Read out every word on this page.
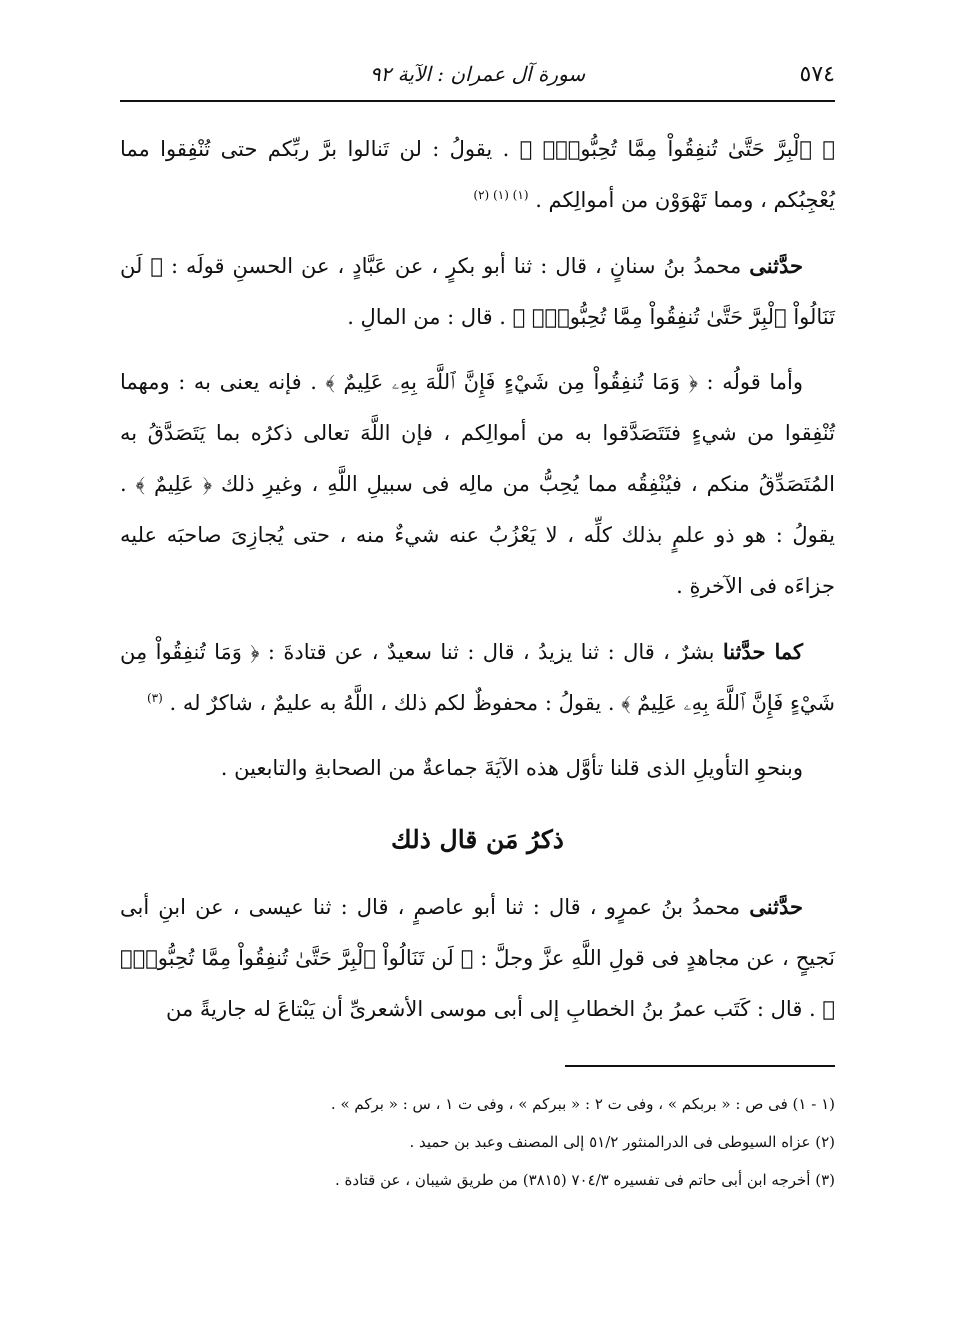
٥٧٤
سورة آل عمران : الآية ٩٢

﴿ ٱلْبِرَّ حَتَّىٰ تُنفِقُواْ مِمَّا تُحِبُّونَۚ ﴾ . يقولُ : لن تَنالوا برَّ ربِّكم حتى تُنْفِقوا مما يُعْجِبُكم ، ومما تَهْوَوْن من أموالِكم . $^{(١) (١) (٢)}$

حدَّثنى محمدُ بنُ سنانٍ ، قال : ثنا أبو بكرٍ ، عن عَبَّادٍ ، عن الحسنِ قولَه : ﴿ لَن تَنَالُواْ ٱلْبِرَّ حَتَّىٰ تُنفِقُواْ مِمَّا تُحِبُّونَۚ ﴾ . قال : من المالِ .

وأما قولُه : ﴿ وَمَا تُنفِقُواْ مِن شَيْءٍ فَإِنَّ ٱللَّهَ بِهِۦ عَلِيمٌ ﴾ . فإنه يعنى به : ومهما تُنْفِقوا من شيءٍ فتَتَصَدَّقوا به من أموالِكم ، فإن اللَّهَ تعالى ذكرُه بما يَتَصَدَّقُ به المُتَصَدِّقُ منكم ، فيُنْفِقُه مما يُحِبُّ من مالِه فى سبيلِ اللَّهِ ، وغيرِ ذلك ﴿ عَلِيمٌ ﴾ . يقولُ : هو ذو علمٍ بذلك كلِّه ، لا يَعْزُبُ عنه شيءٌ منه ، حتى يُجازِىَ صاحبَه عليه جزاءَه فى الآخرةِ .

كما حدَّثنا بشرٌ ، قال : ثنا يزيدُ ، قال : ثنا سعيدٌ ، عن قتادةَ : ﴿ وَمَا تُنفِقُواْ مِن شَيْءٍ فَإِنَّ ٱللَّهَ بِهِۦ عَلِيمٌ ﴾ . يقولُ : محفوظٌ لكم ذلك ، اللَّهُ به عليمٌ ، شاكرٌ له . $^{(٣)}$

وبنحوِ التأويلِ الذى قلنا تأوَّل هذه الآيَةَ جماعةٌ من الصحابةِ والتابعين .

ذكرُ مَن قال ذلك

حدَّثنى محمدُ بنُ عمرٍو ، قال : ثنا أبو عاصمٍ ، قال : ثنا عيسى ، عن ابنِ أبى نَجيحٍ ، عن مجاهدٍ فى قولِ اللَّهِ عزَّ وجلَّ : ﴿ لَن تَنَالُواْ ٱلْبِرَّ حَتَّىٰ تُنفِقُواْ مِمَّا تُحِبُّونَۚ ﴾ . قال : كَتَب عمرُ بنُ الخطابِ إلى أبى موسى الأشعرىِّ أن يَبْتاعَ له جاريةً من

(١ - ١) فى ص : « بربكم » ، وفى ت ٢ : « ببركم » ، وفى ت ١ ، س : « بركم » .

(٢) عزاه السيوطى فى الدرالمنثور ٥١/٢ إلى المصنف وعبد بن حميد .

(٣) أخرجه ابن أبى حاتم فى تفسيره ٧٠٤/٣ (٣٨١٥) من طريق شيبان ، عن قتادة .
